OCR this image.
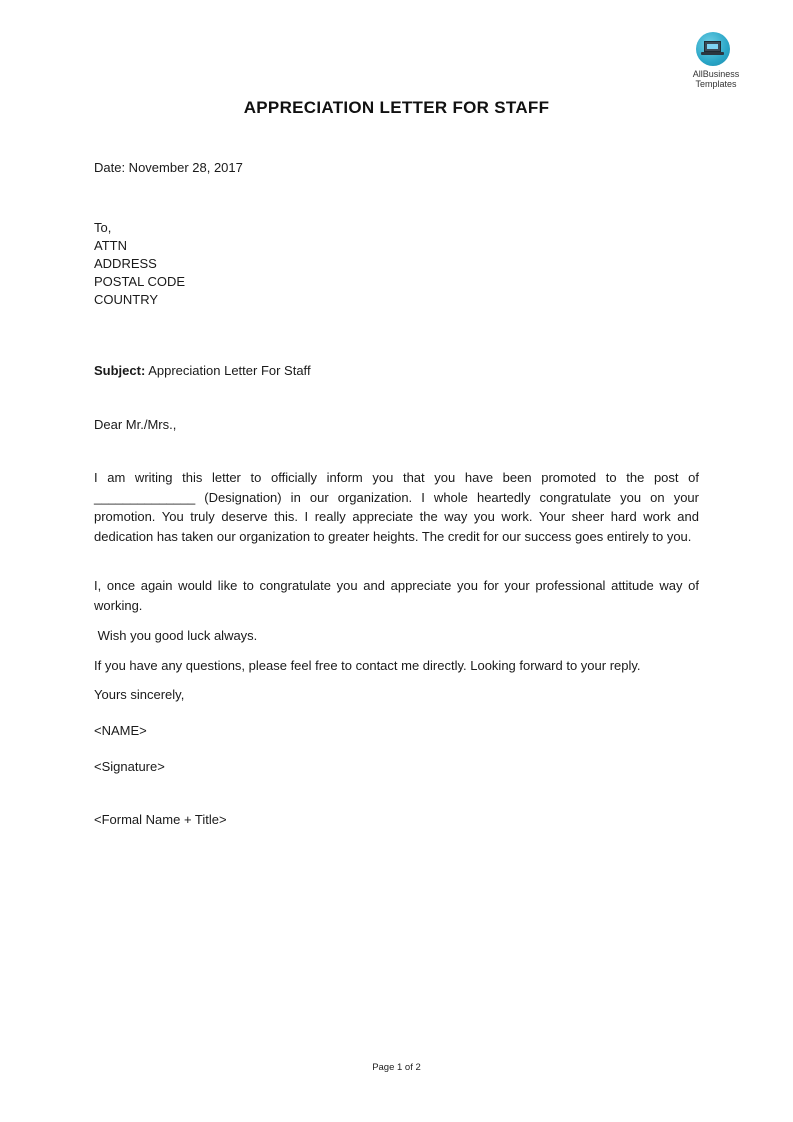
AllBusiness
Templates
APPRECIATION LETTER FOR STAFF
Date: November 28, 2017
To,
ATTN
ADDRESS
POSTAL CODE
COUNTRY
Subject: Appreciation Letter For Staff
Dear Mr./Mrs.,
I am writing this letter to officially inform you that you have been promoted to the post of ______________ (Designation) in our organization. I whole heartedly congratulate you on your promotion. You truly deserve this. I really appreciate the way you work. Your sheer hard work and dedication has taken our organization to greater heights. The credit for our success goes entirely to you.
I, once again would like to congratulate you and appreciate you for your professional attitude way of working.
Wish you good luck always.
If you have any questions, please feel free to contact me directly. Looking forward to your reply.
Yours sincerely,
<NAME>
<Signature>
<Formal Name + Title>
Page 1 of 2
